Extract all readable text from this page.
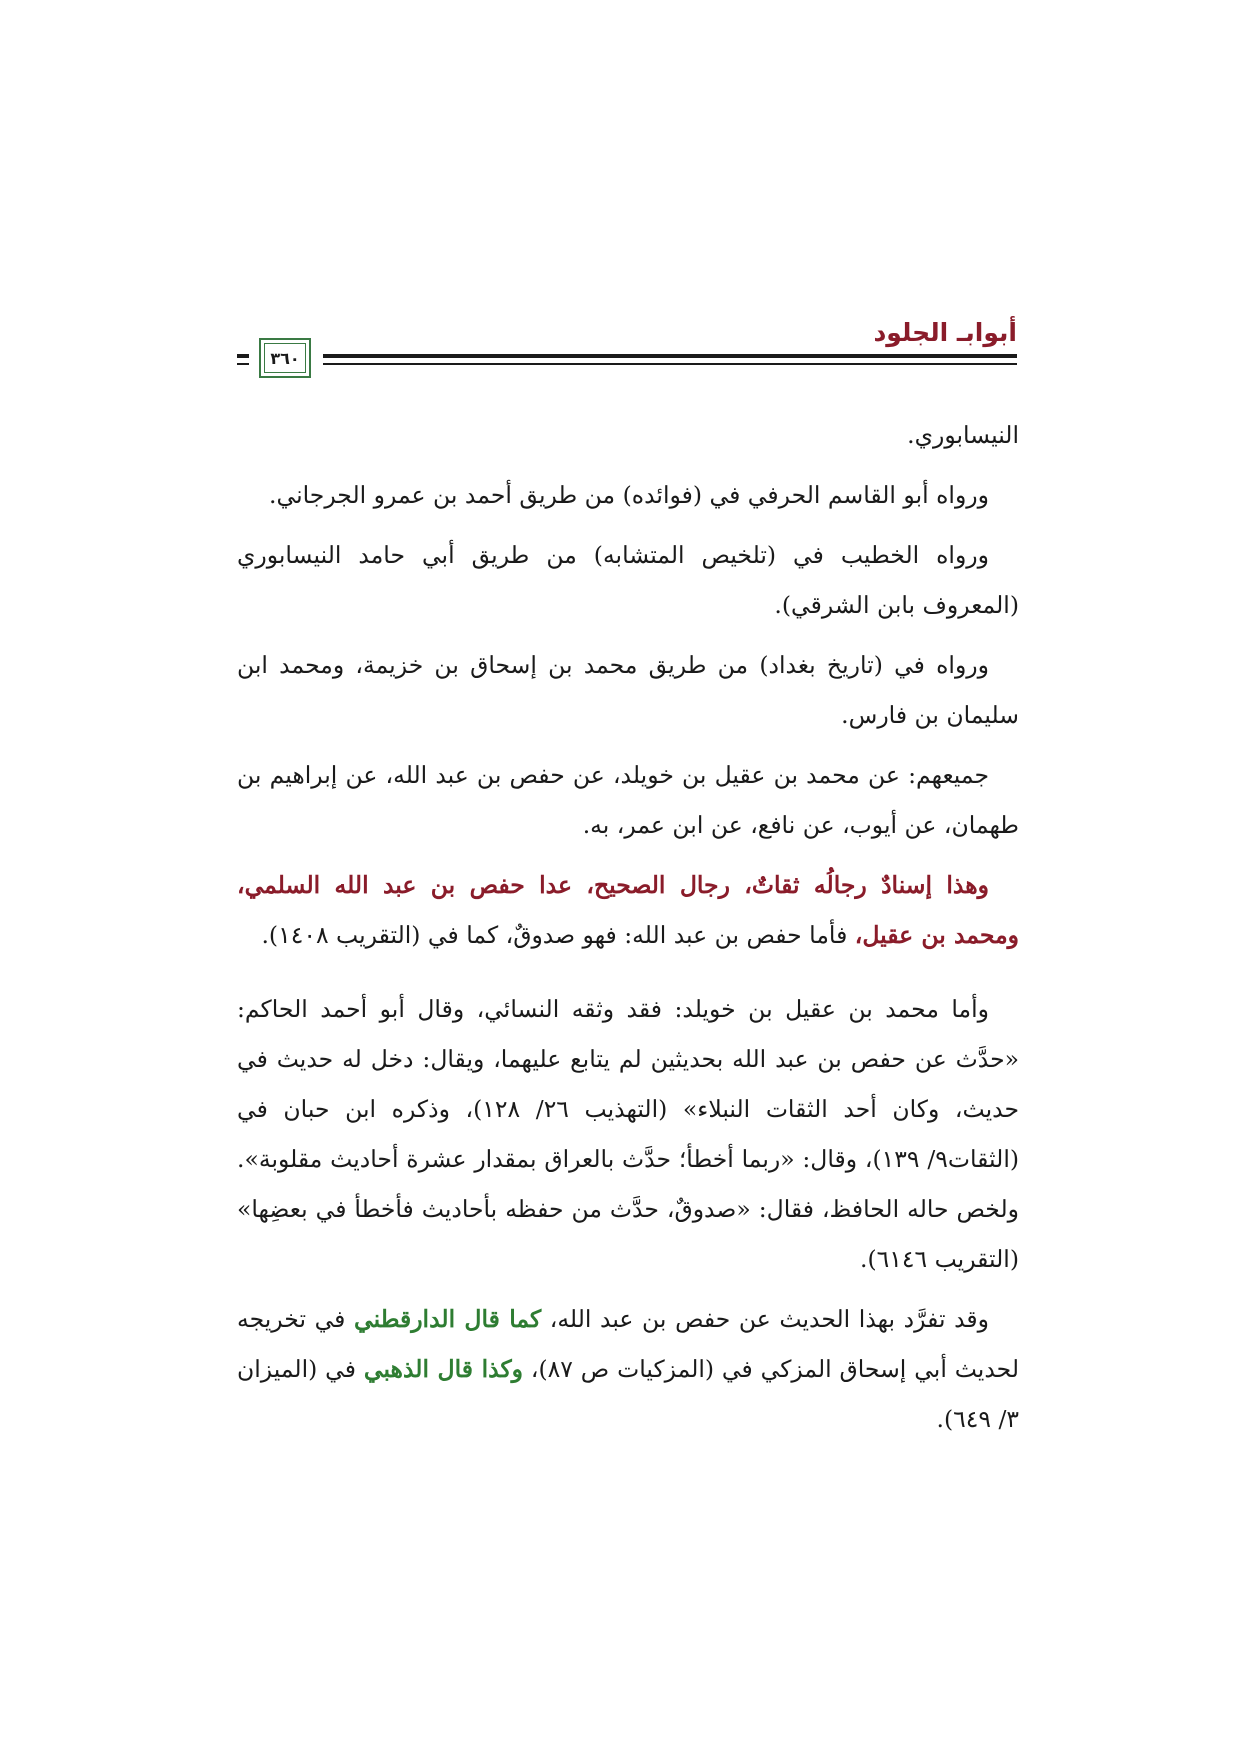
٣٦٠
أبوابـ الجلود

النيسابوري.

ورواه أبو القاسم الحرفي في (فوائده) من طريق أحمد بن عمرو الجرجاني.

ورواه الخطيب في (تلخيص المتشابه) من طريق أبي حامد النيسابوري (المعروف بابن الشرقي).

ورواه في (تاريخ بغداد) من طريق محمد بن إسحاق بن خزيمة، ومحمد ابن سليمان بن فارس.

جميعهم: عن محمد بن عقيل بن خويلد، عن حفص بن عبد الله، عن إبراهيم بن طهمان، عن أيوب، عن نافع، عن ابن عمر، به.

وهذا إسنادٌ رجالُه ثقاتٌ، رجال الصحيح، عدا حفص بن عبد الله السلمي، ومحمد بن عقيل، فأما حفص بن عبد الله: فهو صدوقٌ، كما في (التقريب ١٤٠٨).

وأما محمد بن عقيل بن خويلد: فقد وثقه النسائي، وقال أبو أحمد الحاكم: «حدَّث عن حفص بن عبد الله بحديثين لم يتابع عليهما، ويقال: دخل له حديث في حديث، وكان أحد الثقات النبلاء» (التهذيب ٢٦/ ١٢٨)، وذكره ابن حبان في (الثقات٩/ ١٣٩)، وقال: «ربما أخطأ؛ حدَّث بالعراق بمقدار عشرة أحاديث مقلوبة». ولخص حاله الحافظ، فقال: «صدوقٌ، حدَّث من حفظه بأحاديث فأخطأ في بعضِها» (التقريب ٦١٤٦).

وقد تفرَّد بهذا الحديث عن حفص بن عبد الله، كما قال الدارقطني في تخريجه لحديث أبي إسحاق المزكي في (المزكيات ص ٨٧)، وكذا قال الذهبي في (الميزان ٣/ ٦٤٩).
